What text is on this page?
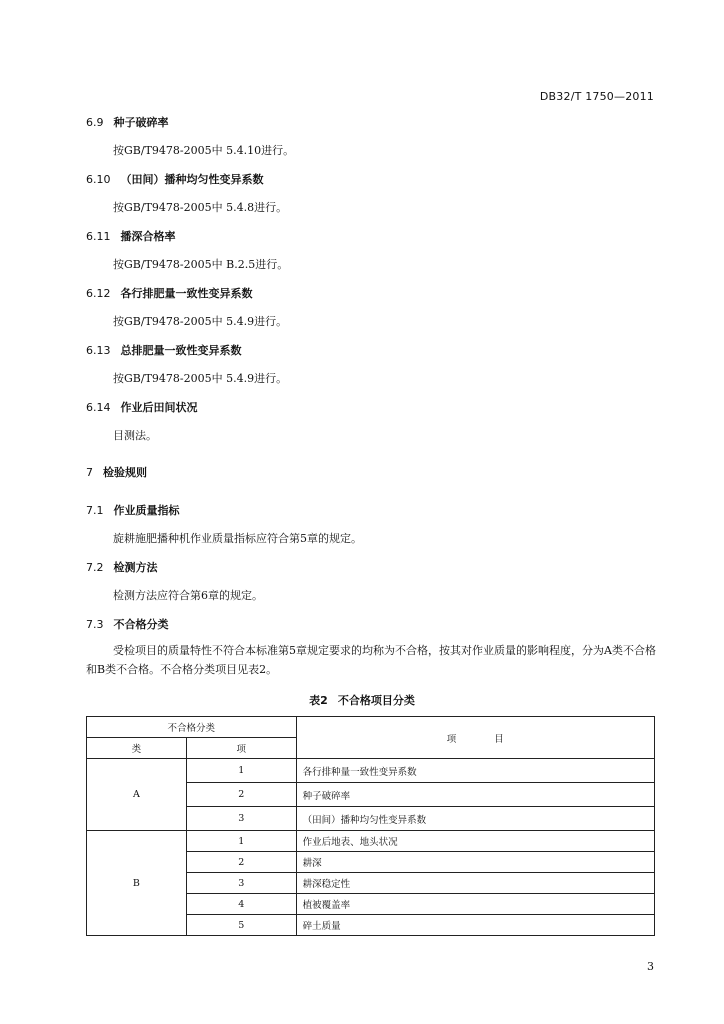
DB32/T 1750—2011
6.9 种子破碎率
按GB/T9478-2005中 5.4.10进行。
6.10 （田间）播种均匀性变异系数
按GB/T9478-2005中 5.4.8进行。
6.11 播深合格率
按GB/T9478-2005中 B.2.5进行。
6.12 各行排肥量一致性变异系数
按GB/T9478-2005中 5.4.9进行。
6.13 总排肥量一致性变异系数
按GB/T9478-2005中 5.4.9进行。
6.14 作业后田间状况
目测法。
7 检验规则
7.1 作业质量指标
旋耕施肥播种机作业质量指标应符合第5章的规定。
7.2 检测方法
检测方法应符合第6章的规定。
7.3 不合格分类
受检项目的质量特性不符合本标准第5章规定要求的均称为不合格，按其对作业质量的影响程度，分为A类不合格和B类不合格。不合格分类项目见表2。
表2 不合格项目分类
不合格分类		项　　　　目
类	项	
A	1	各行排种量一致性变异系数
	2	种子破碎率
	3	（田间）播种均匀性变异系数
B	1	作业后地表、地头状况
	2	耕深
	3	耕深稳定性
	4	植被覆盖率
	5	碎土质量
3
